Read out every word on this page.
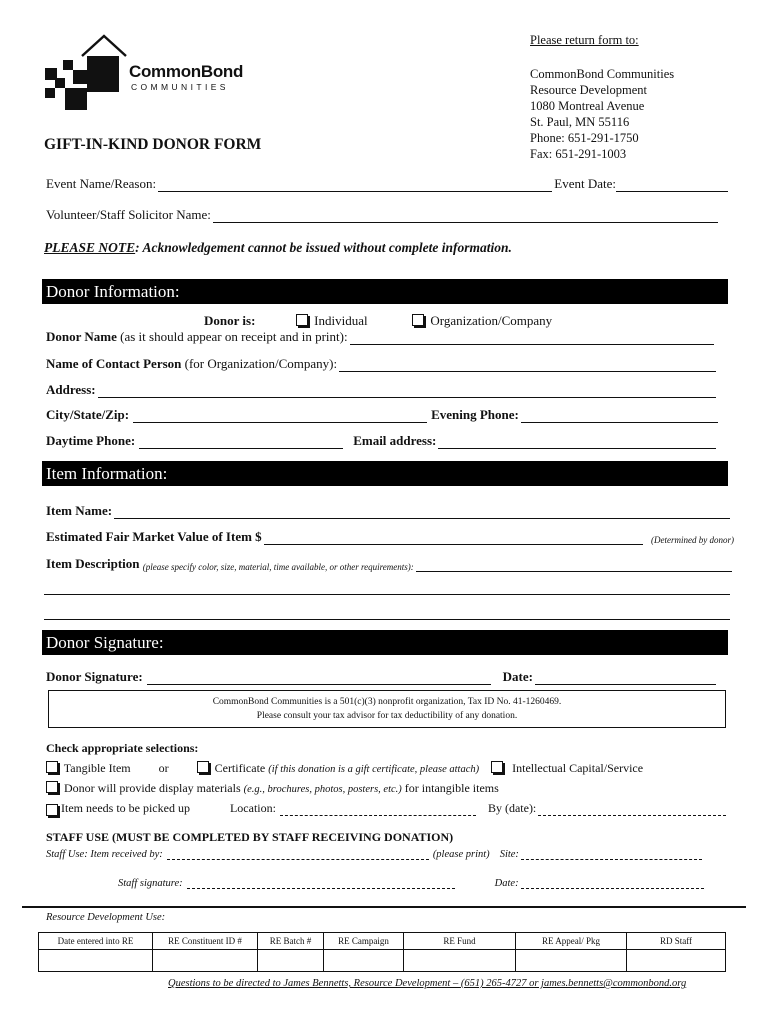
CommonBond
COMMUNITIES
Please return form to:
CommonBond Communities
Resource Development
1080 Montreal Avenue
St. Paul, MN 55116
Phone: 651-291-1750
Fax: 651-291-1003
GIFT-IN-KIND DONOR FORM
Event Name/Reason:	Event Date:
Volunteer/Staff Solicitor Name:
PLEASE NOTE: Acknowledgement cannot be issued without complete information.
Donor Information:
Donor is:	Individual	Organization/Company
Donor Name
(as it should appear on receipt and in print):
Name of Contact Person
(for Organization/Company):
Address:
City/State/Zip:	Evening Phone:
Daytime Phone:	Email address:
Item Information:
Item Name:
Estimated Fair Market Value of Item $	(Determined by donor)
Item Description
(please specify color, size, material, time available, or other requirements):
Donor Signature:
Donor Signature:	Date:
CommonBond Communities is a 501(c)(3) nonprofit organization, Tax ID No. 41-1260469.
Please consult your tax advisor for tax deductibility of any donation.
Check appropriate selections:
Tangible Item or	Certificate (if this donation is a gift certificate, please attach)	Intellectual Capital/Service
Donor will provide display materials (e.g., brochures, photos, posters, etc.) for intangible items
Item needs to be picked up	Location:	By (date):
STAFF USE (MUST BE COMPLETED BY STAFF RECEIVING DONATION)
Staff Use: Item received by:	(please print) Site:
Staff signature:	Date:
Resource Development Use:
Date entered into RE	RE Constituent ID #	RE Batch #	RE Campaign	RE Fund	RE Appeal/ Pkg	RD Staff

Questions to be directed to James Bennetts, Resource Development – (651) 265-4727 or james.bennetts@commonbond.org
